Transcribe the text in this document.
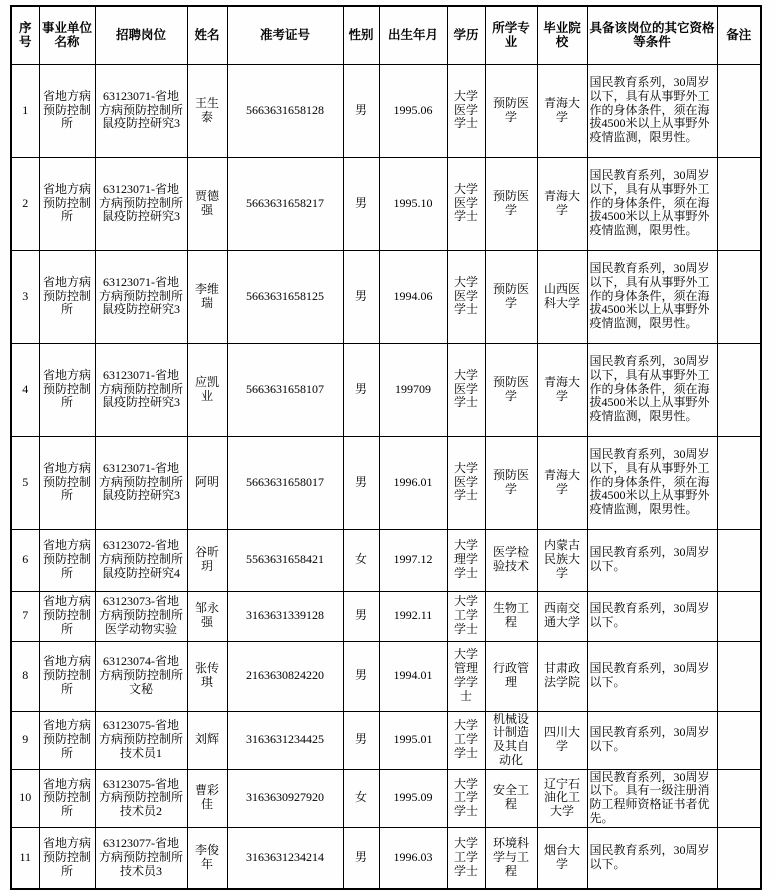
序号	事业单位名称	招聘岗位	姓名	准考证号	性别	出生年月	学历	所学专业	毕业院校	具备该岗位的其它资格等条件	备注
1	省地方病预防控制所	63123071-省地方病预防控制所鼠疫防控研究3	王生泰	5663631658128	男	1995.06	大学医学学士	预防医学	青海大学	国民教育系列，30周岁以下，具有从事野外工作的身体条件，须在海拔4500米以上从事野外疫情监测，限男性。	
2	省地方病预防控制所	63123071-省地方病预防控制所鼠疫防控研究3	贾德强	5663631658217	男	1995.10	大学医学学士	预防医学	青海大学	国民教育系列，30周岁以下，具有从事野外工作的身体条件，须在海拔4500米以上从事野外疫情监测，限男性。	
3	省地方病预防控制所	63123071-省地方病预防控制所鼠疫防控研究3	李维瑞	5663631658125	男	1994.06	大学医学学士	预防医学	山西医科大学	国民教育系列，30周岁以下，具有从事野外工作的身体条件，须在海拔4500米以上从事野外疫情监测，限男性。	
4	省地方病预防控制所	63123071-省地方病预防控制所鼠疫防控研究3	应凯业	5663631658107	男	199709	大学医学学士	预防医学	青海大学	国民教育系列，30周岁以下，具有从事野外工作的身体条件，须在海拔4500米以上从事野外疫情监测，限男性。	
5	省地方病预防控制所	63123071-省地方病预防控制所鼠疫防控研究3	阿明	5663631658017	男	1996.01	大学医学学士	预防医学	青海大学	国民教育系列，30周岁以下，具有从事野外工作的身体条件，须在海拔4500米以上从事野外疫情监测，限男性。	
6	省地方病预防控制所	63123072-省地方病预防控制所鼠疫防控研究4	谷昕玥	5563631658421	女	1997.12	大学理学学士	医学检验技术	内蒙古民族大学	国民教育系列，30周岁以下。	
7	省地方病预防控制所	63123073-省地方病预防控制所医学动物实验	邹永强	3163631339128	男	1992.11	大学工学学士	生物工程	西南交通大学	国民教育系列，30周岁以下。	
8	省地方病预防控制所	63123074-省地方病预防控制所文秘	张传琪	2163630824220	男	1994.01	大学管理学学士	行政管理	甘肃政法学院	国民教育系列，30周岁以下。	
9	省地方病预防控制所	63123075-省地方病预防控制所技术员1	刘辉	3163631234425	男	1995.01	大学工学学士	机械设计制造及其自动化	四川大学	国民教育系列，30周岁以下。	
10	省地方病预防控制所	63123075-省地方病预防控制所技术员2	曹彩佳	3163630927920	女	1995.09	大学工学学士	安全工程	辽宁石油化工大学	国民教育系列，30周岁以下。具有一级注册消防工程师资格证书者优先。	
11	省地方病预防控制所	63123077-省地方病预防控制所技术员3	李俊年	3163631234214	男	1996.03	大学工学学士	环境科学与工程	烟台大学	国民教育系列，30周岁以下。	
